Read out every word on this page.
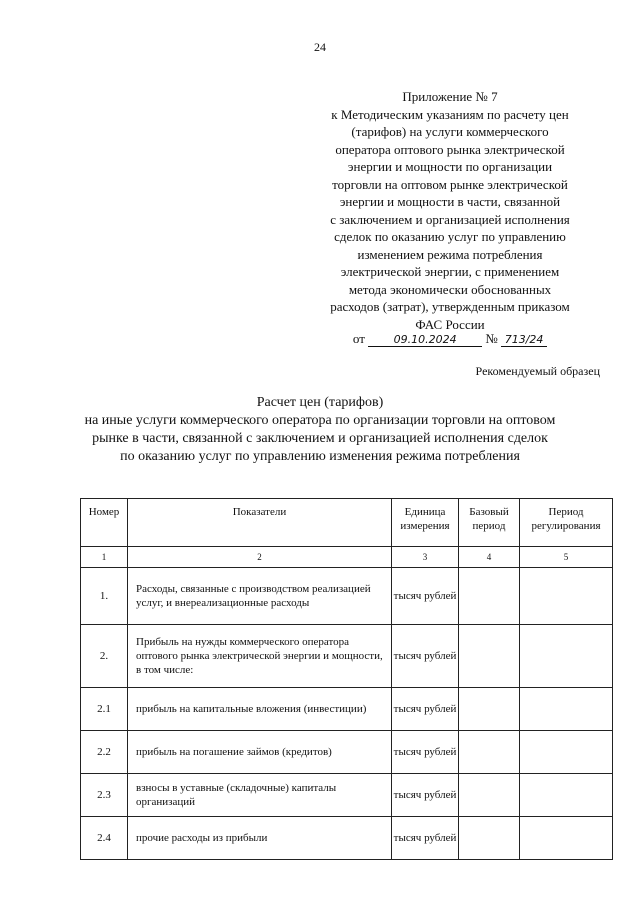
24
Приложение № 7
к Методическим указаниям по расчету цен
(тарифов) на услуги коммерческого
оператора оптового рынка электрической
энергии и мощности по организации
торговли на оптовом рынке электрической
энергии и мощности в части, связанной
с заключением и организацией исполнения
сделок по оказанию услуг по управлению
изменением режима потребления
электрической энергии, с применением
метода экономически обоснованных
расходов (затрат), утвержденным приказом
ФАС России
от	09.10.2024 № 713/24
Рекомендуемый образец
Расчет цен (тарифов)
на иные услуги коммерческого оператора по организации торговли на оптовом
рынке в части, связанной с заключением и организацией исполнения сделок
по оказанию услуг по управлению изменения режима потребления
Номер	Показатели	Единица измерения	Базовый период	Период регулирования
1	2	3	4	5
1.	Расходы, связанные с производством реализацией услуг, и внереализационные расходы	тысяч рублей		
2.	Прибыль на нужды коммерческого оператора оптового рынка электрической энергии и мощности, в том числе:	тысяч рублей		
2.1	прибыль на капитальные вложения (инвестиции)	тысяч рублей		
2.2	прибыль на погашение займов (кредитов)	тысяч рублей		
2.3	взносы в уставные (складочные) капиталы организаций	тысяч рублей		
2.4	прочие расходы из прибыли	тысяч рублей		
